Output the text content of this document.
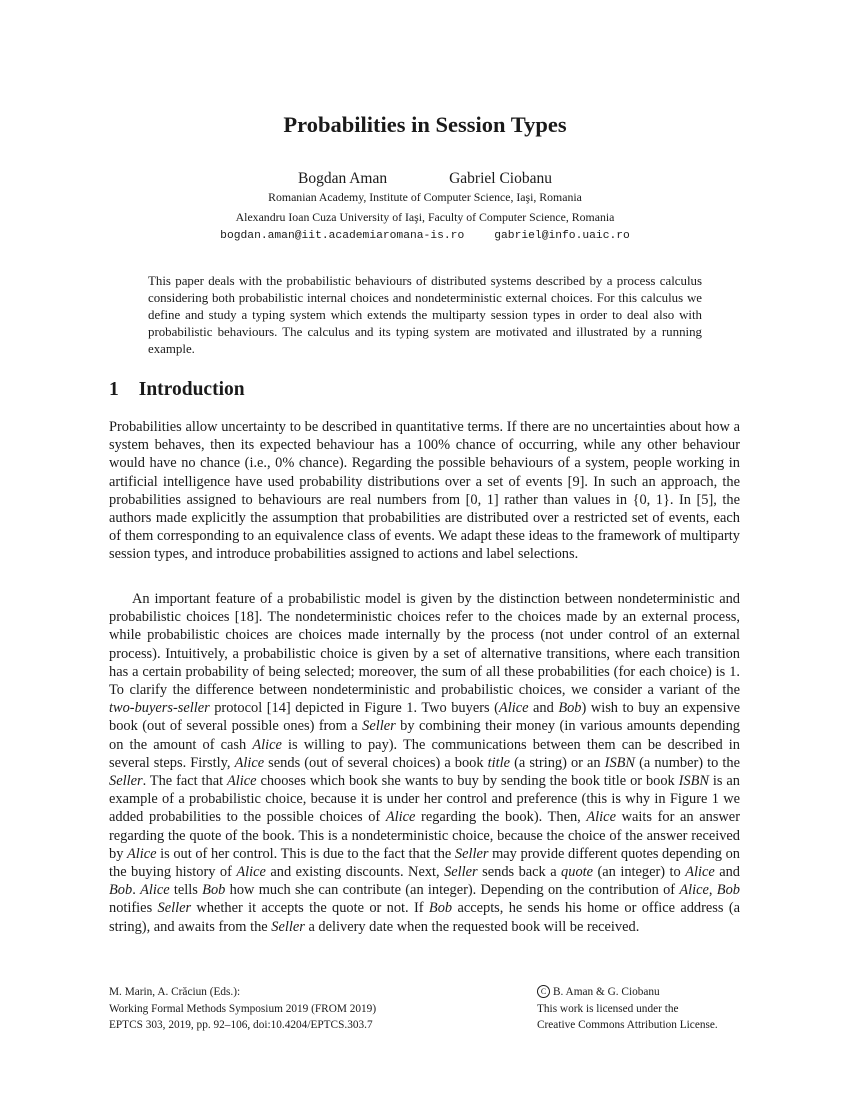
Probabilities in Session Types
Bogdan Aman	Gabriel Ciobanu
Romanian Academy, Institute of Computer Science, Iaşi, Romania
Alexandru Ioan Cuza University of Iaşi, Faculty of Computer Science, Romania
bogdan.aman@iit.academiaromana-is.ro	gabriel@info.uaic.ro

This paper deals with the probabilistic behaviours of distributed systems described by a process calculus considering both probabilistic internal choices and nondeterministic external choices. For this calculus we define and study a typing system which extends the multiparty session types in order to deal also with probabilistic behaviours. The calculus and its typing system are motivated and illustrated by a running example.

1 Introduction

Probabilities allow uncertainty to be described in quantitative terms. If there are no uncertainties about how a system behaves, then its expected behaviour has a 100% chance of occurring, while any other behaviour would have no chance (i.e., 0% chance). Regarding the possible behaviours of a system, people working in artificial intelligence have used probability distributions over a set of events [9]. In such an approach, the probabilities assigned to behaviours are real numbers from [0, 1] rather than values in {0, 1}. In [5], the authors made explicitly the assumption that probabilities are distributed over a restricted set of events, each of them corresponding to an equivalence class of events. We adapt these ideas to the framework of multiparty session types, and introduce probabilities assigned to actions and label selections.

An important feature of a probabilistic model is given by the distinction between nondeterministic and probabilistic choices [18]. The nondeterministic choices refer to the choices made by an external process, while probabilistic choices are choices made internally by the process (not under control of an external process). Intuitively, a probabilistic choice is given by a set of alternative transitions, where each transition has a certain probability of being selected; moreover, the sum of all these probabilities (for each choice) is 1. To clarify the difference between nondeterministic and probabilistic choices, we consider a variant of the two-buyers-seller protocol [14] depicted in Figure 1. Two buyers (Alice and Bob) wish to buy an expensive book (out of several possible ones) from a Seller by combining their money (in various amounts depending on the amount of cash Alice is willing to pay). The communications between them can be described in several steps. Firstly, Alice sends (out of several choices) a book title (a string) or an ISBN (a number) to the Seller. The fact that Alice chooses which book she wants to buy by sending the book title or book ISBN is an example of a probabilistic choice, because it is under her control and preference (this is why in Figure 1 we added probabilities to the possible choices of Alice regarding the book). Then, Alice waits for an answer regarding the quote of the book. This is a nondeterministic choice, because the choice of the answer received by Alice is out of her control. This is due to the fact that the Seller may provide different quotes depending on the buying history of Alice and existing discounts. Next, Seller sends back a quote (an integer) to Alice and Bob. Alice tells Bob how much she can contribute (an integer). Depending on the contribution of Alice, Bob notifies Seller whether it accepts the quote or not. If Bob accepts, he sends his home or office address (a string), and awaits from the Seller a delivery date when the requested book will be received.

M. Marin, A. Crăciun (Eds.):
Working Formal Methods Symposium 2019 (FROM 2019)
EPTCS 303, 2019, pp. 92–106, doi:10.4204/EPTCS.303.7
C B. Aman & G. Ciobanu
This work is licensed under the
Creative Commons Attribution License.
